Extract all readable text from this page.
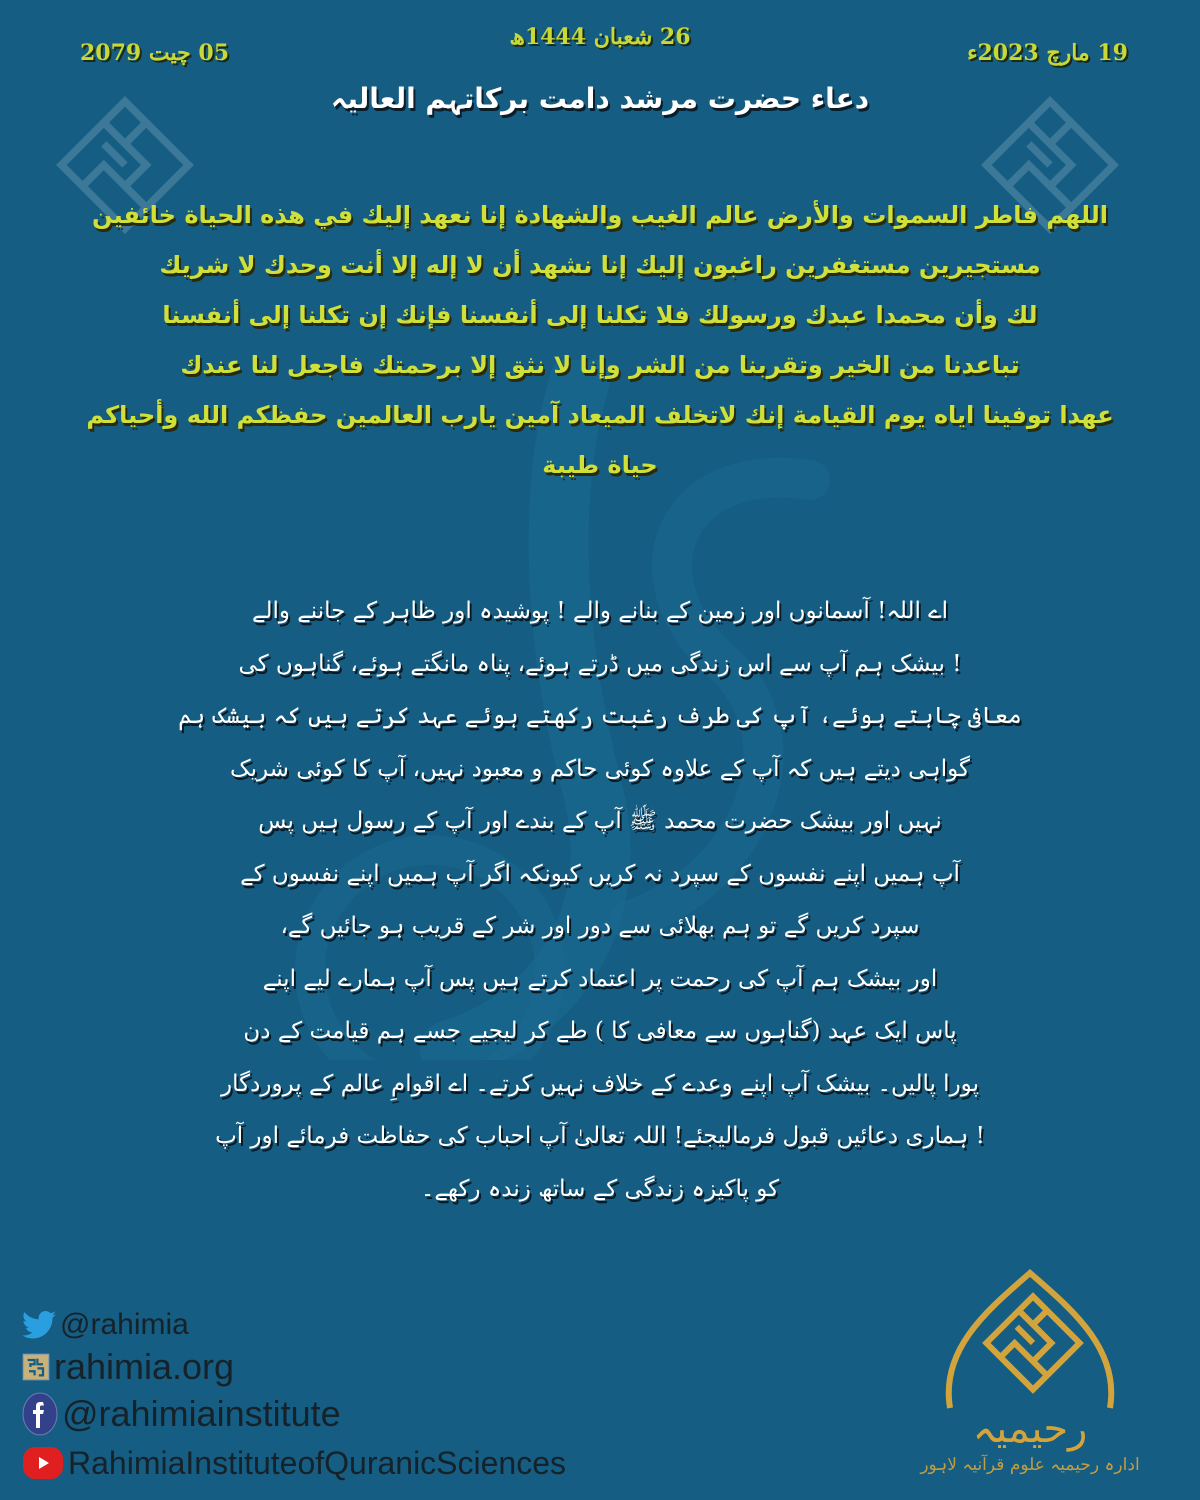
26 شعبان 1444ھ
19 مارچ 2023ء
05 چیت 2079
دعاء حضرت مرشد دامت برکاتہم العالیہ
اللهم فاطر السموات والأرض عالم الغيب والشهادة إنا نعهد إليك في هذه الحياة خائفين
مستجيرين مستغفرين راغبون إليك إنا نشهد أن لا إله إلا أنت وحدك لا شريك
لك وأن محمدا عبدك ورسولك فلا تكلنا إلى أنفسنا فإنك إن تكلنا إلى أنفسنا
تباعدنا من الخير وتقربنا من الشر وإنا لا نثق إلا برحمتك فاجعل لنا عندك
عهدا توفينا اياه يوم القيامة إنك لاتخلف الميعاد آمين يارب العالمين حفظكم الله وأحياكم
حياة طيبة
اے اللہ! آسمانوں اور زمین کے بنانے والے ! پوشیدہ اور ظاہر کے جاننے والے
! بیشک ہم آپ سے اس زندگی میں ڈرتے ہوئے، پناہ مانگتے ہوئے، گناہوں کی
معافی چاہتے ہوئے، آپ کی طرف رغبت رکھتے ہوئے عہد کرتے ہیں کہ بیشک ہم
گواہی دیتے ہیں کہ آپ کے علاوہ کوئی حاکم و معبود نہیں، آپ کا کوئی شریک
نہیں اور بیشک حضرت محمد ﷺ آپ کے بندے اور آپ کے رسول ہیں پس
آپ ہمیں اپنے نفسوں کے سپرد نہ کریں کیونکہ اگر آپ ہمیں اپنے نفسوں کے
سپرد کریں گے تو ہم بھلائی سے دور اور شر کے قریب ہو جائیں گے،
اور بیشک ہم آپ کی رحمت پر اعتماد کرتے ہیں پس آپ ہمارے لیے اپنے
پاس ایک عہد (گناہوں سے معافی کا ) طے کر لیجیے جسے ہم قیامت کے دن
پورا پالیں۔ بیشک آپ اپنے وعدے کے خلاف نہیں کرتے۔ اے اقوامِ عالم کے پروردگار
! ہماری دعائیں قبول فرمالیجئے! اللہ تعالیٰ آپ احباب کی حفاظت فرمائے اور آپ
کو پاکیزہ زندگی کے ساتھ زندہ رکھے۔
@rahimia
rahimia.org
@rahimiainstitute
RahimiaInstituteofQuranicSciences
رحیمیہ
ادارہ رحیمیہ علوم قرآنیہ لاہور
